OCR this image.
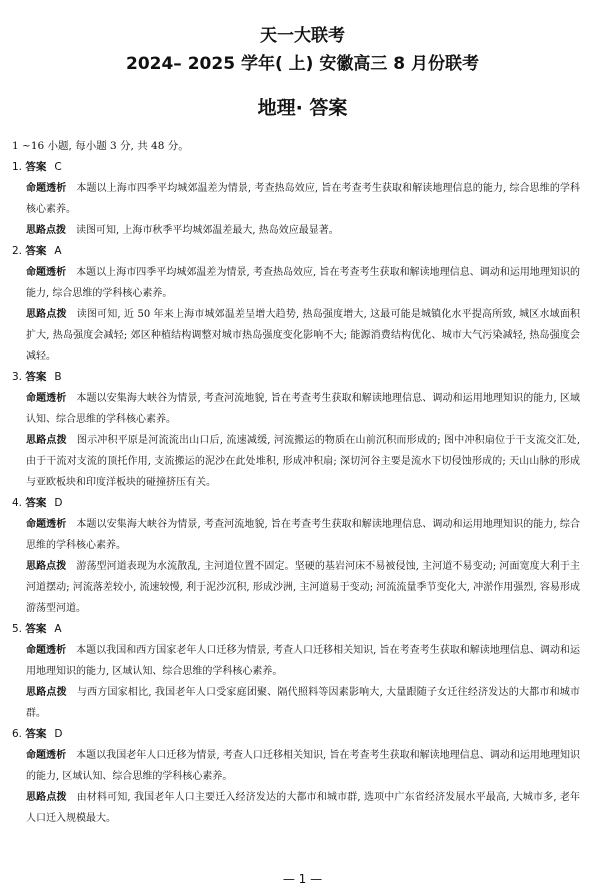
天一大联考
2024– 2025 学年( 上) 安徽高三 8 月份联考
地理· 答案
1 ~16 小题, 每小题 3 分, 共 48 分。
1. 答案 C
命题透析 本题以上海市四季平均城郊温差为情景, 考查热岛效应, 旨在考查考生获取和解读地理信息的能力, 综合思维的学科核心素养。
思路点拨 读图可知, 上海市秋季平均城郊温差最大, 热岛效应最显著。
2. 答案 A
命题透析 本题以上海市四季平均城郊温差为情景, 考查热岛效应, 旨在考查考生获取和解读地理信息、调动和运用地理知识的能力, 综合思维的学科核心素养。
思路点拨 读图可知, 近 50 年来上海市城郊温差呈增大趋势, 热岛强度增大, 这最可能是城镇化水平提高所致, 城区水域面积扩大, 热岛强度会减轻; 郊区种植结构调整对城市热岛强度变化影响不大; 能源消费结构优化、城市大气污染减轻, 热岛强度会减轻。
3. 答案 B
命题透析 本题以安集海大峡谷为情景, 考查河流地貌, 旨在考查考生获取和解读地理信息、调动和运用地理知识的能力, 区域认知、综合思维的学科核心素养。
思路点拨 图示冲积平原是河流流出山口后, 流速减缓, 河流搬运的物质在山前沉积而形成的; 图中冲积扇位于干支流交汇处, 由于干流对支流的顶托作用, 支流搬运的泥沙在此处堆积, 形成冲积扇; 深切河谷主要是流水下切侵蚀形成的; 天山山脉的形成与亚欧板块和印度洋板块的碰撞挤压有关。
4. 答案 D
命题透析 本题以安集海大峡谷为情景, 考查河流地貌, 旨在考查考生获取和解读地理信息、调动和运用地理知识的能力, 综合思维的学科核心素养。
思路点拨 游荡型河道表现为水流散乱, 主河道位置不固定。坚硬的基岩河床不易被侵蚀, 主河道不易变动; 河面宽度大利于主河道摆动; 河流落差较小, 流速较慢, 利于泥沙沉积, 形成沙洲, 主河道易于变动; 河流流量季节变化大, 冲淤作用强烈, 容易形成游荡型河道。
5. 答案 A
命题透析 本题以我国和西方国家老年人口迁移为情景, 考查人口迁移相关知识, 旨在考查考生获取和解读地理信息、调动和运用地理知识的能力, 区域认知、综合思维的学科核心素养。
思路点拨 与西方国家相比, 我国老年人口受家庭团聚、隔代照料等因素影响大, 大量跟随子女迁往经济发达的大都市和城市群。
6. 答案 D
命题透析 本题以我国老年人口迁移为情景, 考查人口迁移相关知识, 旨在考查考生获取和解读地理信息、调动和运用地理知识的能力, 区域认知、综合思维的学科核心素养。
思路点拨 由材料可知, 我国老年人口主要迁入经济发达的大都市和城市群, 选项中广东省经济发展水平最高, 大城市多, 老年人口迁入规模最大。
— 1 —
